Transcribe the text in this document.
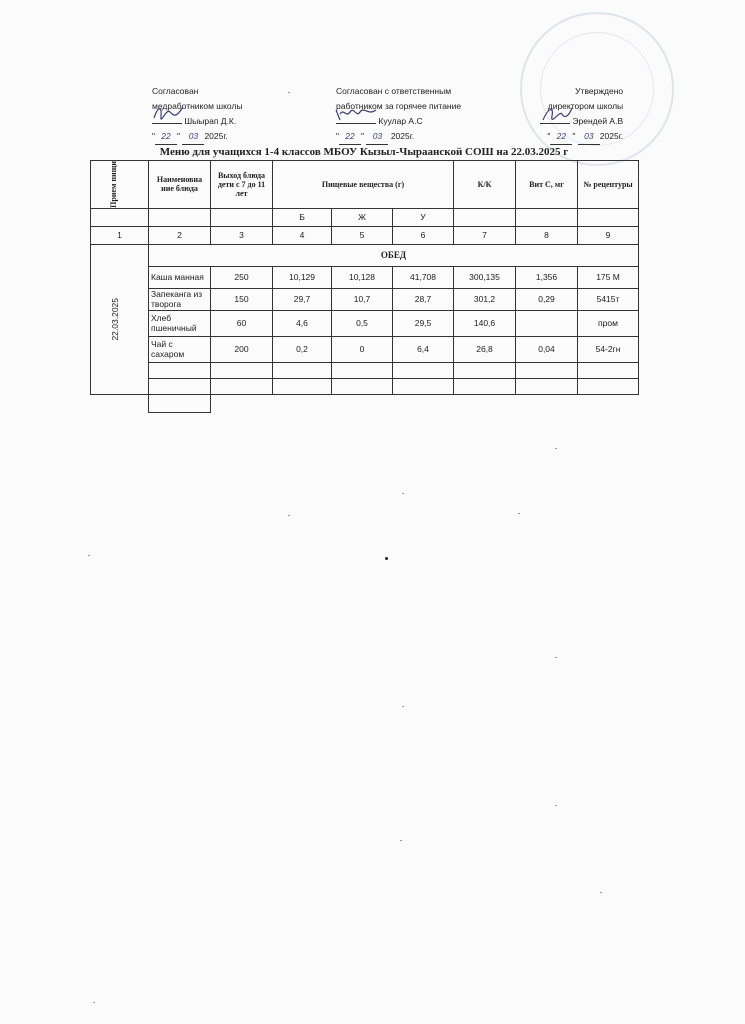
Согласован
медработником школы
Шыырап Д.К.
" 22 " 03 2025г.
Согласован с ответственным
работником за горячее питание
Куулар А.С
" 22 " 03 2025г.
Утверждено
директором школы
Эрендей А.В
" 22 " 03 2025г.
Меню для учащихся 1-4 классов МБОУ Кызыл-Чыраанской СОШ на 22.03.2025 г
Прием пищи	Наименовна ние блюда	Выход блюда дети с 7 до 11 лет	Пищевые вещества (г)			К/К	Вит С, мг	№ рецептуры
			Б	Ж	У			
1	2	3	4	5	6	7	8	9

22.03.2025	ОБЕД							
	Каша манная	250	10,129	10,128	41,708	300,135	1,356	175 М
	Запеканга из творога	150	29,7	10,7	28,7	301,2	0,29	5415т
	Хлеб пшеничный	60	4,6	0,5	29,5	140,6		пром
	Чай с сахаром	200	0,2	0	6,4	26,8	0,04	54-2гн
